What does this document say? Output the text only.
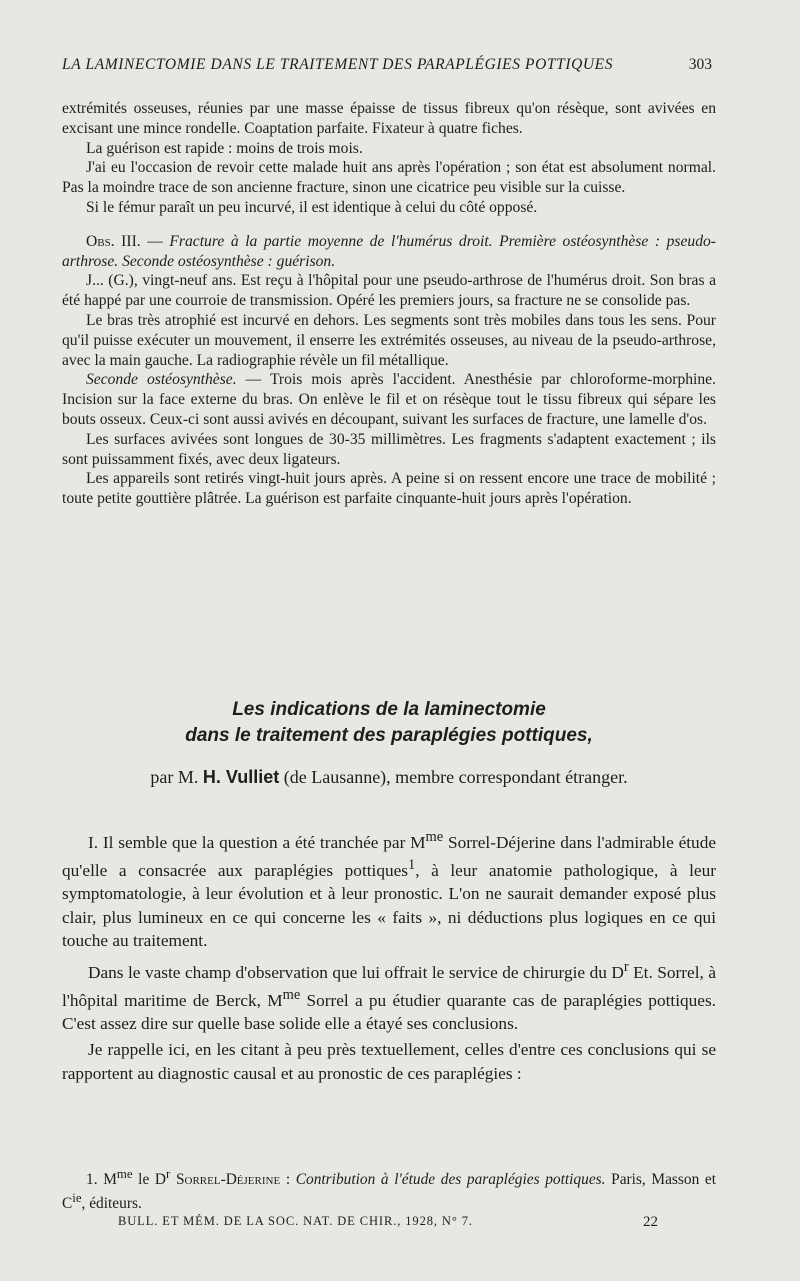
LA LAMINECTOMIE DANS LE TRAITEMENT DES PARAPLÉGIES POTTIQUES	303

extrémités osseuses, réunies par une masse épaisse de tissus fibreux qu'on résèque, sont avivées en excisant une mince rondelle. Coaptation parfaite. Fixateur à quatre fiches.

La guérison est rapide : moins de trois mois.

J'ai eu l'occasion de revoir cette malade huit ans après l'opération ; son état est absolument normal. Pas la moindre trace de son ancienne fracture, sinon une cicatrice peu visible sur la cuisse.

Si le fémur paraît un peu incurvé, il est identique à celui du côté opposé.

Obs. III. — Fracture à la partie moyenne de l'humérus droit. Première ostéosynthèse : pseudo-arthrose. Seconde ostéosynthèse : guérison.

J... (G.), vingt-neuf ans. Est reçu à l'hôpital pour une pseudo-arthrose de l'humérus droit. Son bras a été happé par une courroie de transmission. Opéré les premiers jours, sa fracture ne se consolide pas.

Le bras très atrophié est incurvé en dehors. Les segments sont très mobiles dans tous les sens. Pour qu'il puisse exécuter un mouvement, il enserre les extrémités osseuses, au niveau de la pseudo-arthrose, avec la main gauche. La radiographie révèle un fil métallique.

Seconde ostéosynthèse. — Trois mois après l'accident. Anesthésie par chloroforme-morphine. Incision sur la face externe du bras. On enlève le fil et on résèque tout le tissu fibreux qui sépare les bouts osseux. Ceux-ci sont aussi avivés en découpant, suivant les surfaces de fracture, une lamelle d'os.

Les surfaces avivées sont longues de 30-35 millimètres. Les fragments s'adaptent exactement ; ils sont puissamment fixés, avec deux ligateurs.

Les appareils sont retirés vingt-huit jours après. A peine si on ressent encore une trace de mobilité ; toute petite gouttière plâtrée. La guérison est parfaite cinquante-huit jours après l'opération.

Les indications de la laminectomie
dans le traitement des paraplégies pottiques,
par M. H. Vulliet (de Lausanne), membre correspondant étranger.

I. Il semble que la question a été tranchée par $M^{me}$ Sorrel-Déjerine dans l'admirable étude qu'elle a consacrée aux paraplégies pottiques$^1$, à leur anatomie pathologique, à leur symptomatologie, à leur évolution et à leur pronostic. L'on ne saurait demander exposé plus clair, plus lumineux en ce qui concerne les « faits », ni déductions plus logiques en ce qui touche au traitement.

Dans le vaste champ d'observation que lui offrait le service de chirurgie du $D^r$ Et. Sorrel, à l'hôpital maritime de Berck, $M^{me}$ Sorrel a pu étudier quarante cas de paraplégies pottiques. C'est assez dire sur quelle base solide elle a étayé ses conclusions.

Je rappelle ici, en les citant à peu près textuellement, celles d'entre ces conclusions qui se rapportent au diagnostic causal et au pronostic de ces paraplégies :

1. $M^{me}$ le $D^r$ Sorrel-Déjerine : Contribution à l'étude des paraplégies pottiques. Paris, Masson et $C^{ie}$, éditeurs.

BULL. ET MÉM. DE LA SOC. NAT. DE CHIR., 1928, N° 7.	22
